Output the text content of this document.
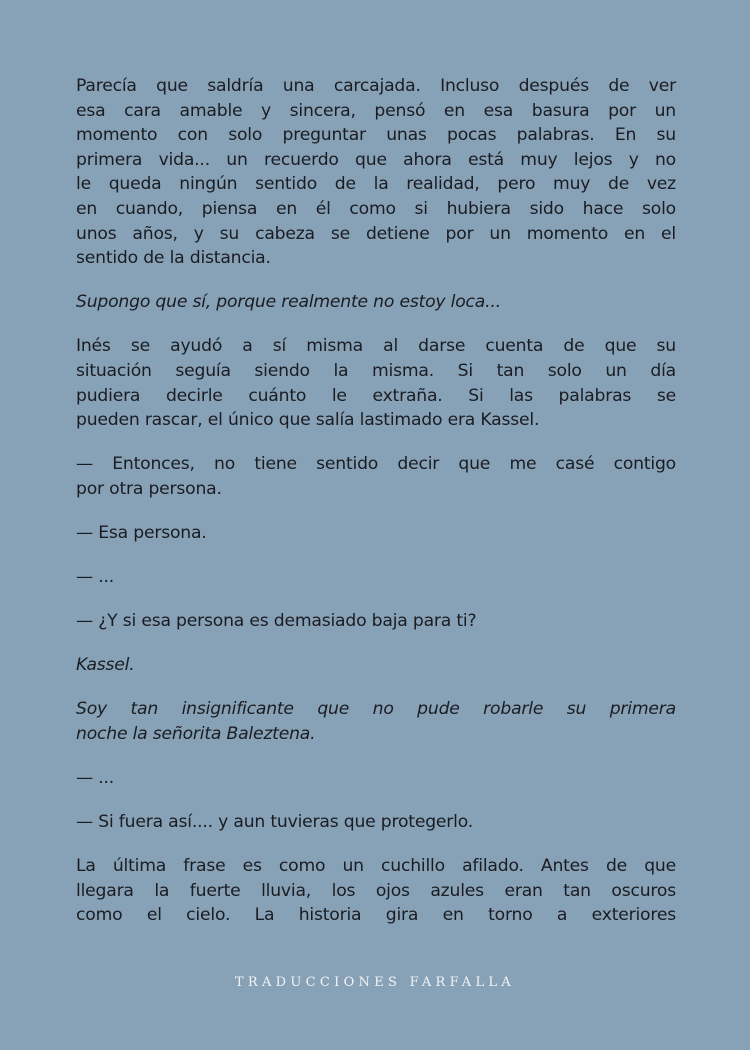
Parecía que saldría una carcajada. Incluso después de ver
esa cara amable y sincera, pensó en esa basura por un
momento con solo preguntar unas pocas palabras. En su
primera vida... un recuerdo que ahora está muy lejos y no
le queda ningún sentido de la realidad, pero muy de vez
en cuando, piensa en él como si hubiera sido hace solo
unos años, y su cabeza se detiene por un momento en el
sentido de la distancia.
Supongo que sí, porque realmente no estoy loca...
Inés se ayudó a sí misma al darse cuenta de que su
situación seguía siendo la misma. Si tan solo un día
pudiera decirle cuánto le extraña. Si las palabras se
pueden rascar, el único que salía lastimado era Kassel.
— Entonces, no tiene sentido decir que me casé contigo
por otra persona.
— Esa persona.
— ...
— ¿Y si esa persona es demasiado baja para ti?
Kassel.
Soy tan insignificante que no pude robarle su primera
noche la señorita Baleztena.
— ...
— Si fuera así.... y aun tuvieras que protegerlo.
La última frase es como un cuchillo afilado. Antes de que
llegara la fuerte lluvia, los ojos azules eran tan oscuros
como el cielo. La historia gira en torno a exteriores
TRADUCCIONES FARFALLA
